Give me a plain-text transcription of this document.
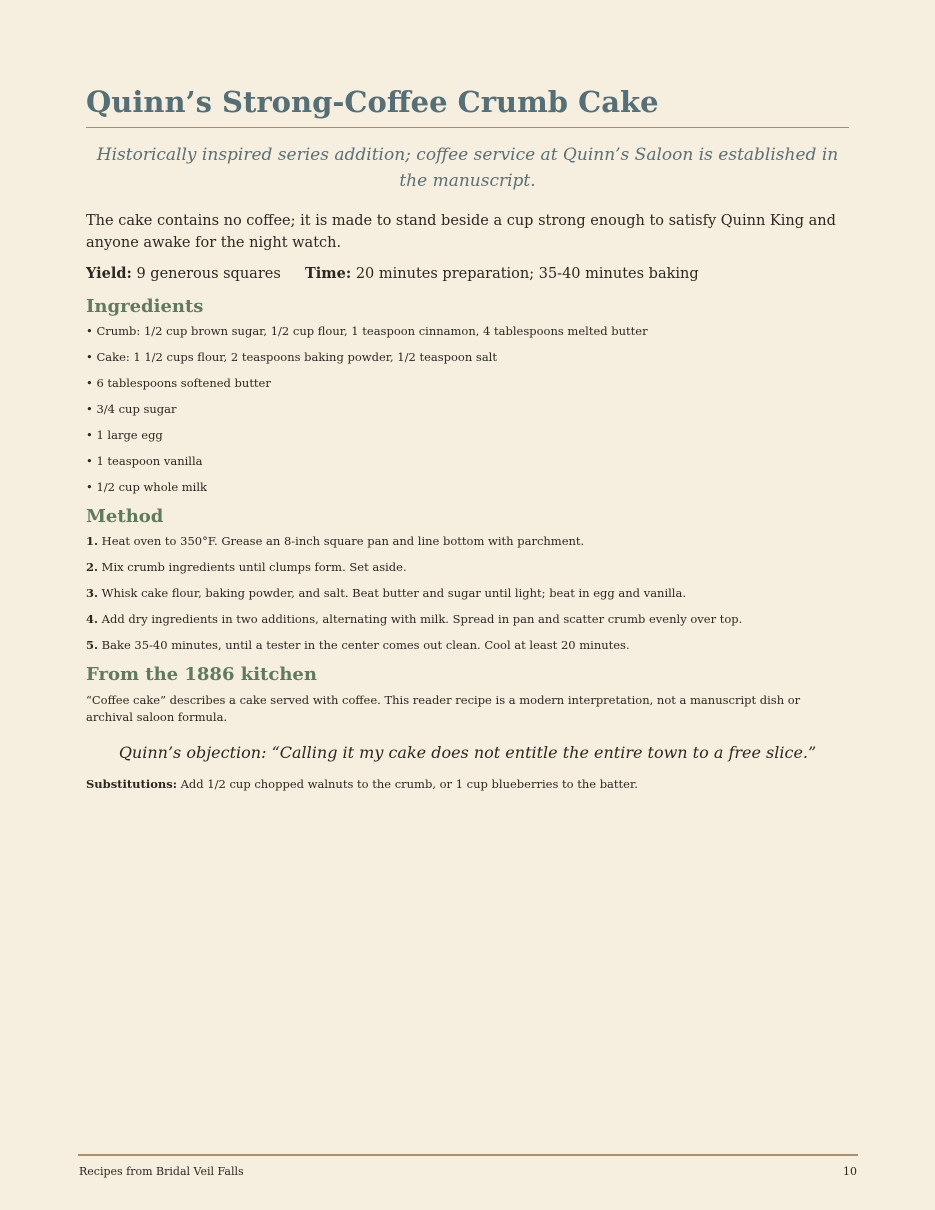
Quinn’s Strong-Coffee Crumb Cake

Historically inspired series addition; coffee service at Quinn’s Saloon is established in the manuscript.

The cake contains no coffee; it is made to stand beside a cup strong enough to satisfy Quinn King and anyone awake for the night watch.

Yield: 9 generous squares Time: 20 minutes preparation; 35-40 minutes baking

Ingredients
• Crumb: 1/2 cup brown sugar, 1/2 cup flour, 1 teaspoon cinnamon, 4 tablespoons melted butter
• Cake: 1 1/2 cups flour, 2 teaspoons baking powder, 1/2 teaspoon salt
• 6 tablespoons softened butter
• 3/4 cup sugar
• 1 large egg
• 1 teaspoon vanilla
• 1/2 cup whole milk
Method
1. Heat oven to 350°F. Grease an 8-inch square pan and line bottom with parchment.
2. Mix crumb ingredients until clumps form. Set aside.
3. Whisk cake flour, baking powder, and salt. Beat butter and sugar until light; beat in egg and vanilla.
4. Add dry ingredients in two additions, alternating with milk. Spread in pan and scatter crumb evenly over top.
5. Bake 35-40 minutes, until a tester in the center comes out clean. Cool at least 20 minutes.
From the 1886 kitchen

“Coffee cake” describes a cake served with coffee. This reader recipe is a modern interpretation, not a manuscript dish or archival saloon formula.

Quinn’s objection: “Calling it my cake does not entitle the entire town to a free slice.”

Substitutions: Add 1/2 cup chopped walnuts to the crumb, or 1 cup blueberries to the batter.

Recipes from Bridal Veil Falls	10
